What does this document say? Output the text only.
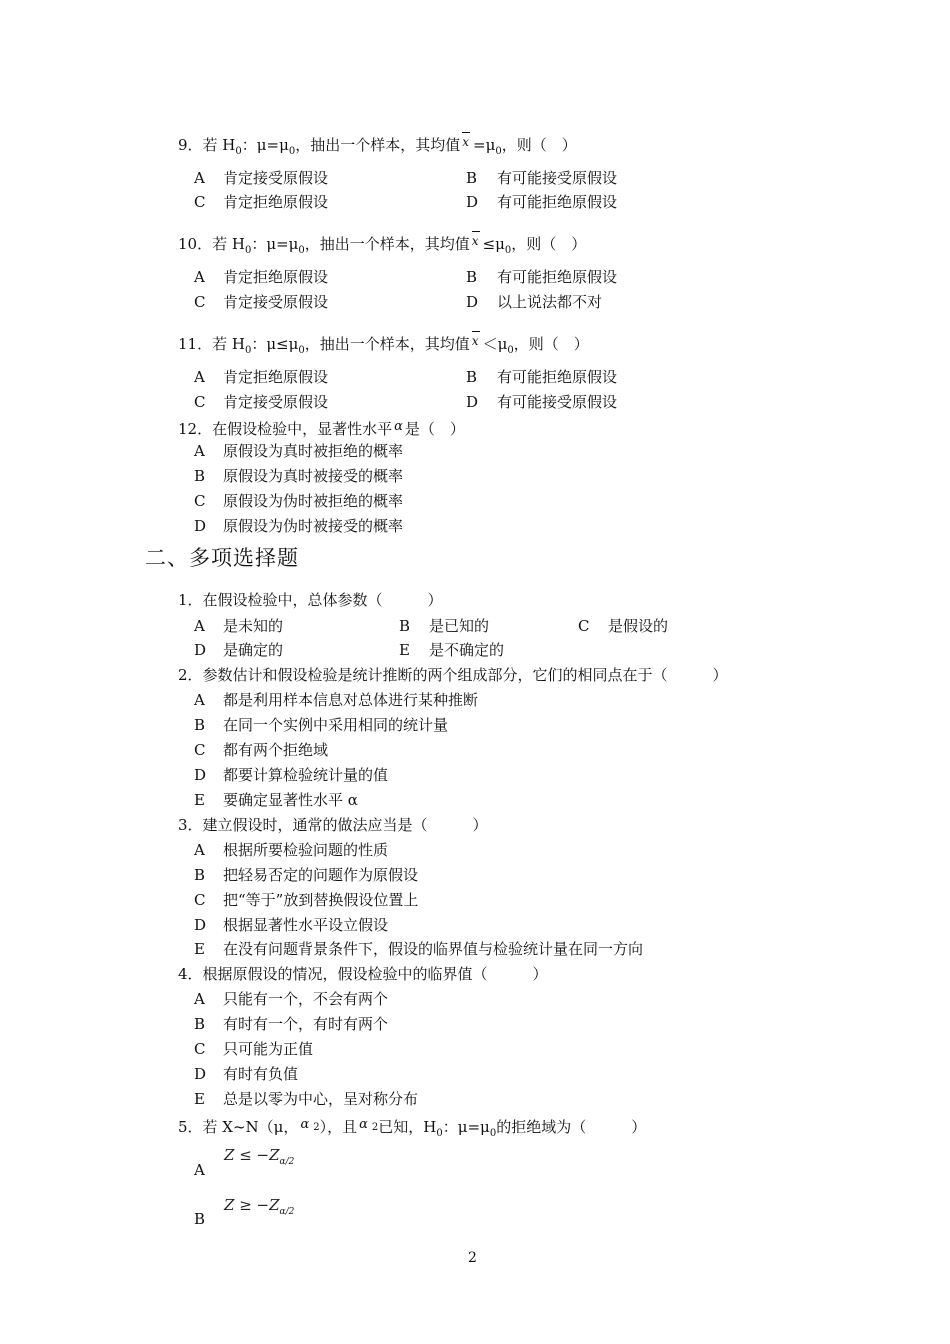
9．若 $H_0$：$\mu=\mu_0$，抽出一个样本，其均值 $x =\mu_0$，则（　）
A 肯定接受原假设	B 有可能接受原假设
C 肯定拒绝原假设	D 有可能拒绝原假设
10．若 $H_0$：$\mu=\mu_0$，抽出一个样本，其均值 $x \le\mu_0$，则（　）
A 肯定拒绝原假设	B 有可能拒绝原假设
C 肯定接受原假设	D 以上说法都不对
11．若 $H_0$：$\mu\le\mu_0$，抽出一个样本，其均值 $x <\mu_0$，则（　）
A 肯定拒绝原假设	B 有可能拒绝原假设
C 肯定接受原假设	D 有可能接受原假设
12．在假设检验中，显著性水平 α 是（　）
A 原假设为真时被拒绝的概率
B 原假设为真时被接受的概率
C 原假设为伪时被拒绝的概率
D 原假设为伪时被接受的概率
二、多项选择题
1．在假设检验中，总体参数（　　　）
A 是未知的	B 是已知的	C 是假设的
D 是确定的	E 是不确定的
2．参数估计和假设检验是统计推断的两个组成部分，它们的相同点在于（　　　）
A 都是利用样本信息对总体进行某种推断
B 在同一个实例中采用相同的统计量
C 都有两个拒绝域
D 都要计算检验统计量的值
E 要确定显著性水平 α
3．建立假设时，通常的做法应当是（　　　）
A 根据所要检验问题的性质
B 把轻易否定的问题作为原假设
C 把“等于”放到替换假设位置上
D 根据显著性水平设立假设
E 在没有问题背景条件下，假设的临界值与检验统计量在同一方向
4．根据原假设的情况，假设检验中的临界值（　　　）
A 只能有一个，不会有两个
B 有时有一个，有时有两个
C 只可能为正值
D 有时有负值
E 总是以零为中心，呈对称分布
5．若 X~N（μ， α $^2$），且 α $^2$已知，$H_0$：$\mu=\mu_0$的拒绝域为（　　　）
A
$Z \le -Z_{\alpha/2}$
B
$Z \ge -Z_{\alpha/2}$
2
